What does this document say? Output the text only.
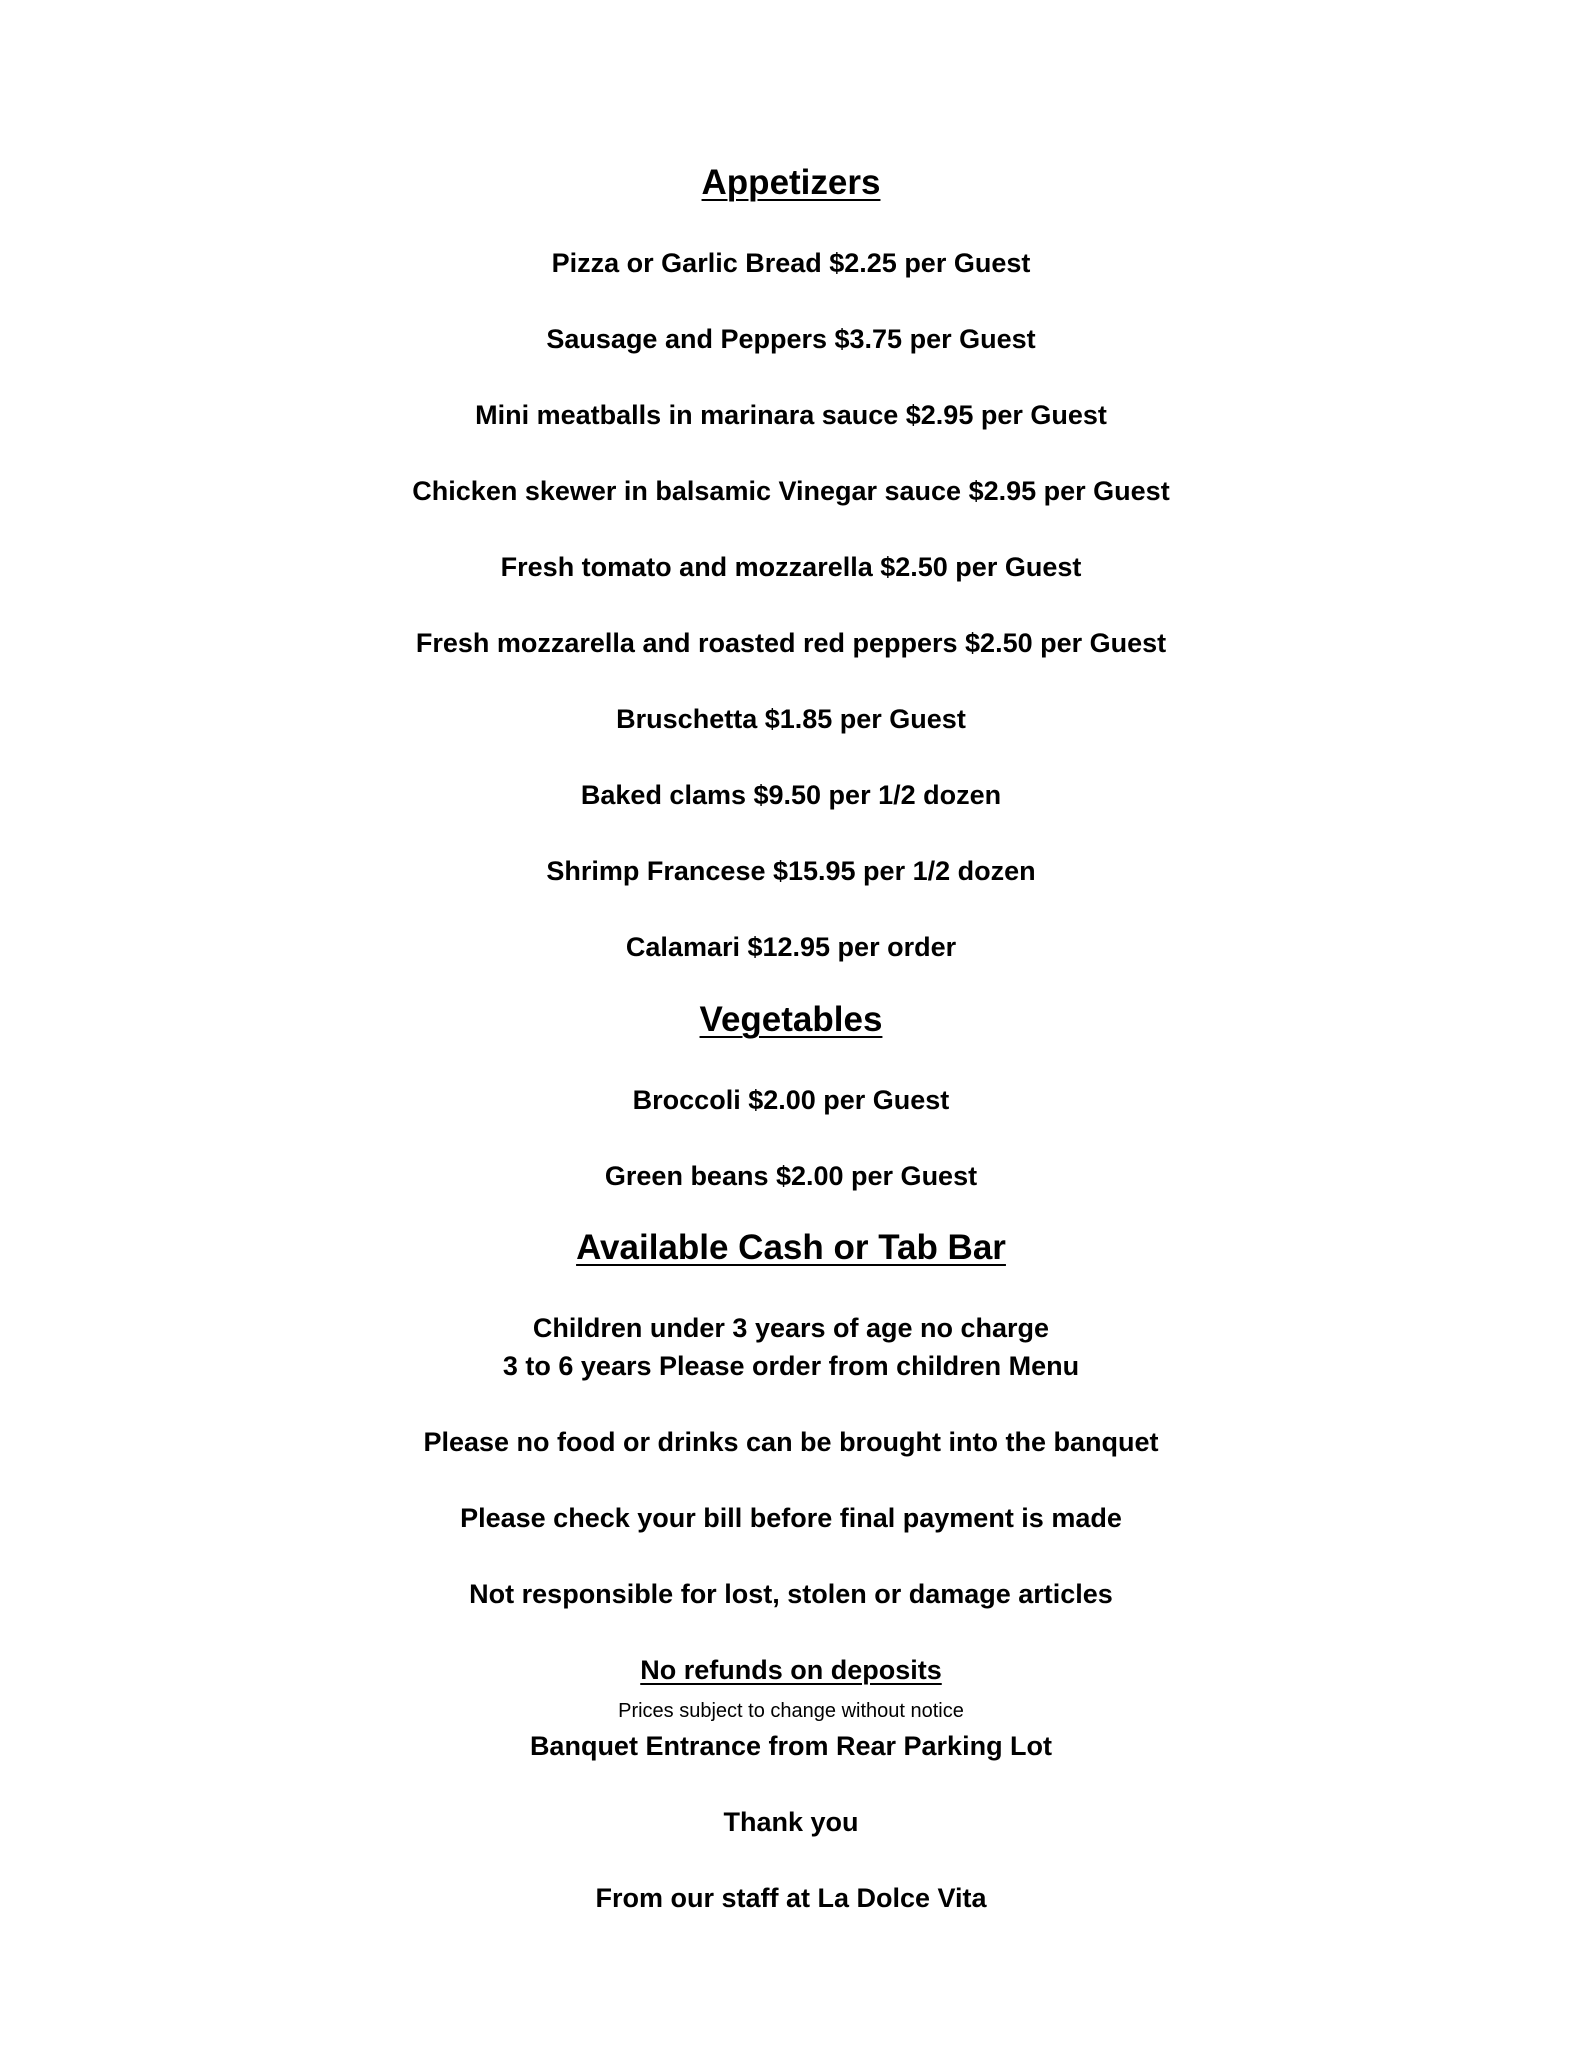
Appetizers
Pizza or Garlic Bread $2.25 per Guest
Sausage and Peppers $3.75 per Guest
Mini meatballs in marinara sauce $2.95 per Guest
Chicken skewer in balsamic Vinegar sauce $2.95 per Guest
Fresh tomato and mozzarella $2.50 per Guest
Fresh mozzarella and roasted red peppers $2.50 per Guest
Bruschetta $1.85 per Guest
Baked clams $9.50 per 1/2 dozen
Shrimp Francese $15.95 per 1/2 dozen
Calamari $12.95 per order
Vegetables
Broccoli $2.00 per Guest
Green beans $2.00 per Guest
Available Cash or Tab Bar
Children under 3 years of age no charge
3 to 6 years Please order from children Menu
Please no food or drinks can be brought into the banquet
Please check your bill before final payment is made
Not responsible for lost, stolen or damage articles
No refunds on deposits
Prices subject to change without notice
Banquet Entrance from Rear Parking Lot
Thank you
From our staff at La Dolce Vita
